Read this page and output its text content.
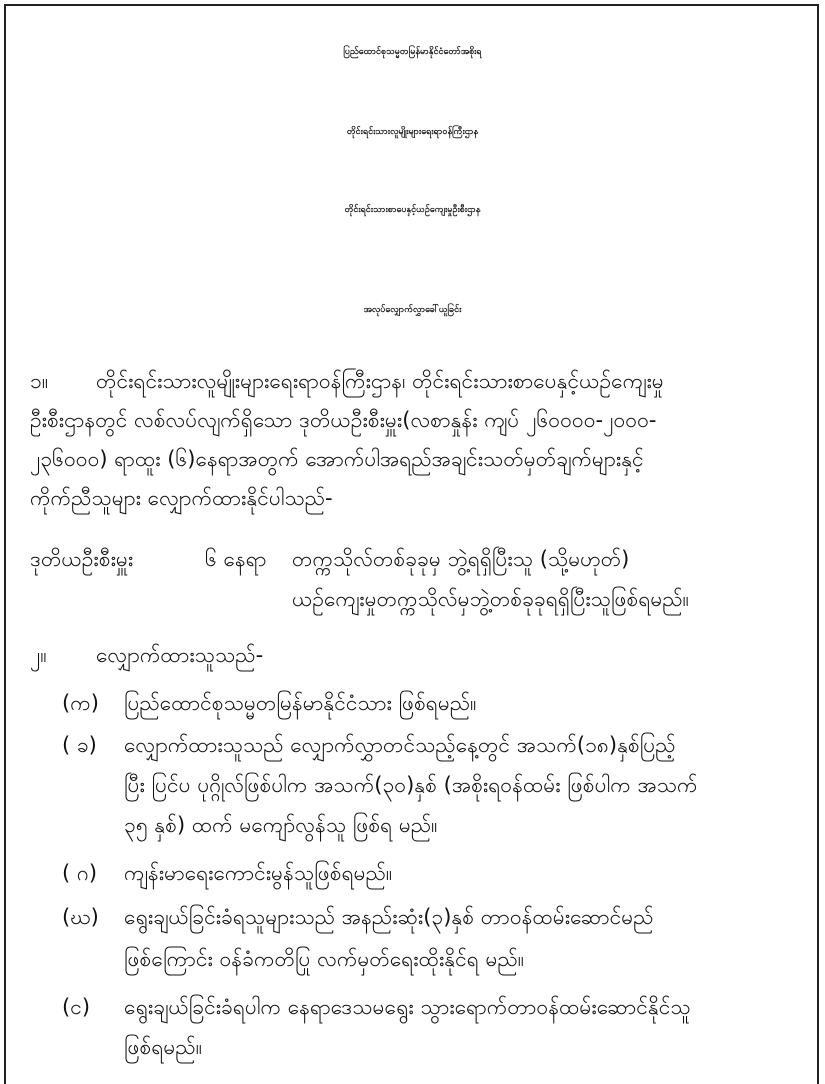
ပြည်ထောင်စုသမ္မတမြန်မာနိုင်ငံတော်အစိုးရ
တိုင်းရင်းသားလူမျိုးများရေးရာဝန်ကြီးဌာန
တိုင်းရင်းသားစာပေနှင့်ယဉ်ကျေးမှုဦးစီးဌာန
အလုပ်လျှောက်လွှာခေါ်ယူခြင်း
၁။ တိုင်းရင်းသားလူမျိုးများရေးရာဝန်ကြီးဌာန၊ တိုင်းရင်းသားစာပေနှင့်ယဉ်ကျေးမှု
ဦးစီးဌာနတွင် လစ်လပ်လျက်ရှိသော ဒုတိယဦးစီးမှူး(လစာနှုန်း ကျပ် ၂၆၀၀၀၀-၂၀၀၀-
၂၃၆၀၀၀) ရာထူး (၆)နေရာအတွက် အောက်ပါအရည်အချင်းသတ်မှတ်ချက်များနှင့်
ကိုက်ညီသူများ လျှောက်ထားနိုင်ပါသည်-
ဒုတိယဦးစီးမှူး	၆ နေရာ တက္ကသိုလ်တစ်ခုခုမှ ဘွဲ့ရရှိပြီးသူ (သို့မဟုတ်)
ယဉ်ကျေးမှုတက္ကသိုလ်မှဘွဲ့တစ်ခုခုရရှိပြီးသူဖြစ်ရမည်။
၂။ လျှောက်ထားသူသည်-
(က) ပြည်ထောင်စုသမ္မတမြန်မာနိုင်ငံသား ဖြစ်ရမည်။
( ခ) လျှောက်ထားသူသည် လျှောက်လွှာတင်သည့်နေ့တွင် အသက်(၁၈)နှစ်ပြည့်
ပြီး ပြင်ပ ပုဂ္ဂိုလ်ဖြစ်ပါက အသက်(၃၀)နှစ် (အစိုးရဝန်ထမ်း ဖြစ်ပါက အသက်
၃၅ နှစ်) ထက် မကျော်လွန်သူ ဖြစ်ရ မည်။
( ဂ) ကျန်းမာရေးကောင်းမွန်သူဖြစ်ရမည်။
(ဃ) ရွေးချယ်ခြင်းခံရသူများသည် အနည်းဆုံး(၃)နှစ် တာဝန်ထမ်းဆောင်မည်
ဖြစ်ကြောင်း ဝန်ခံကတိပြု လက်မှတ်ရေးထိုးနိုင်ရ မည်။
(င) ရွေးချယ်ခြင်းခံရပါက နေရာဒေသမရွေး သွားရောက်တာဝန်ထမ်းဆောင်နိုင်သူ
ဖြစ်ရမည်။
